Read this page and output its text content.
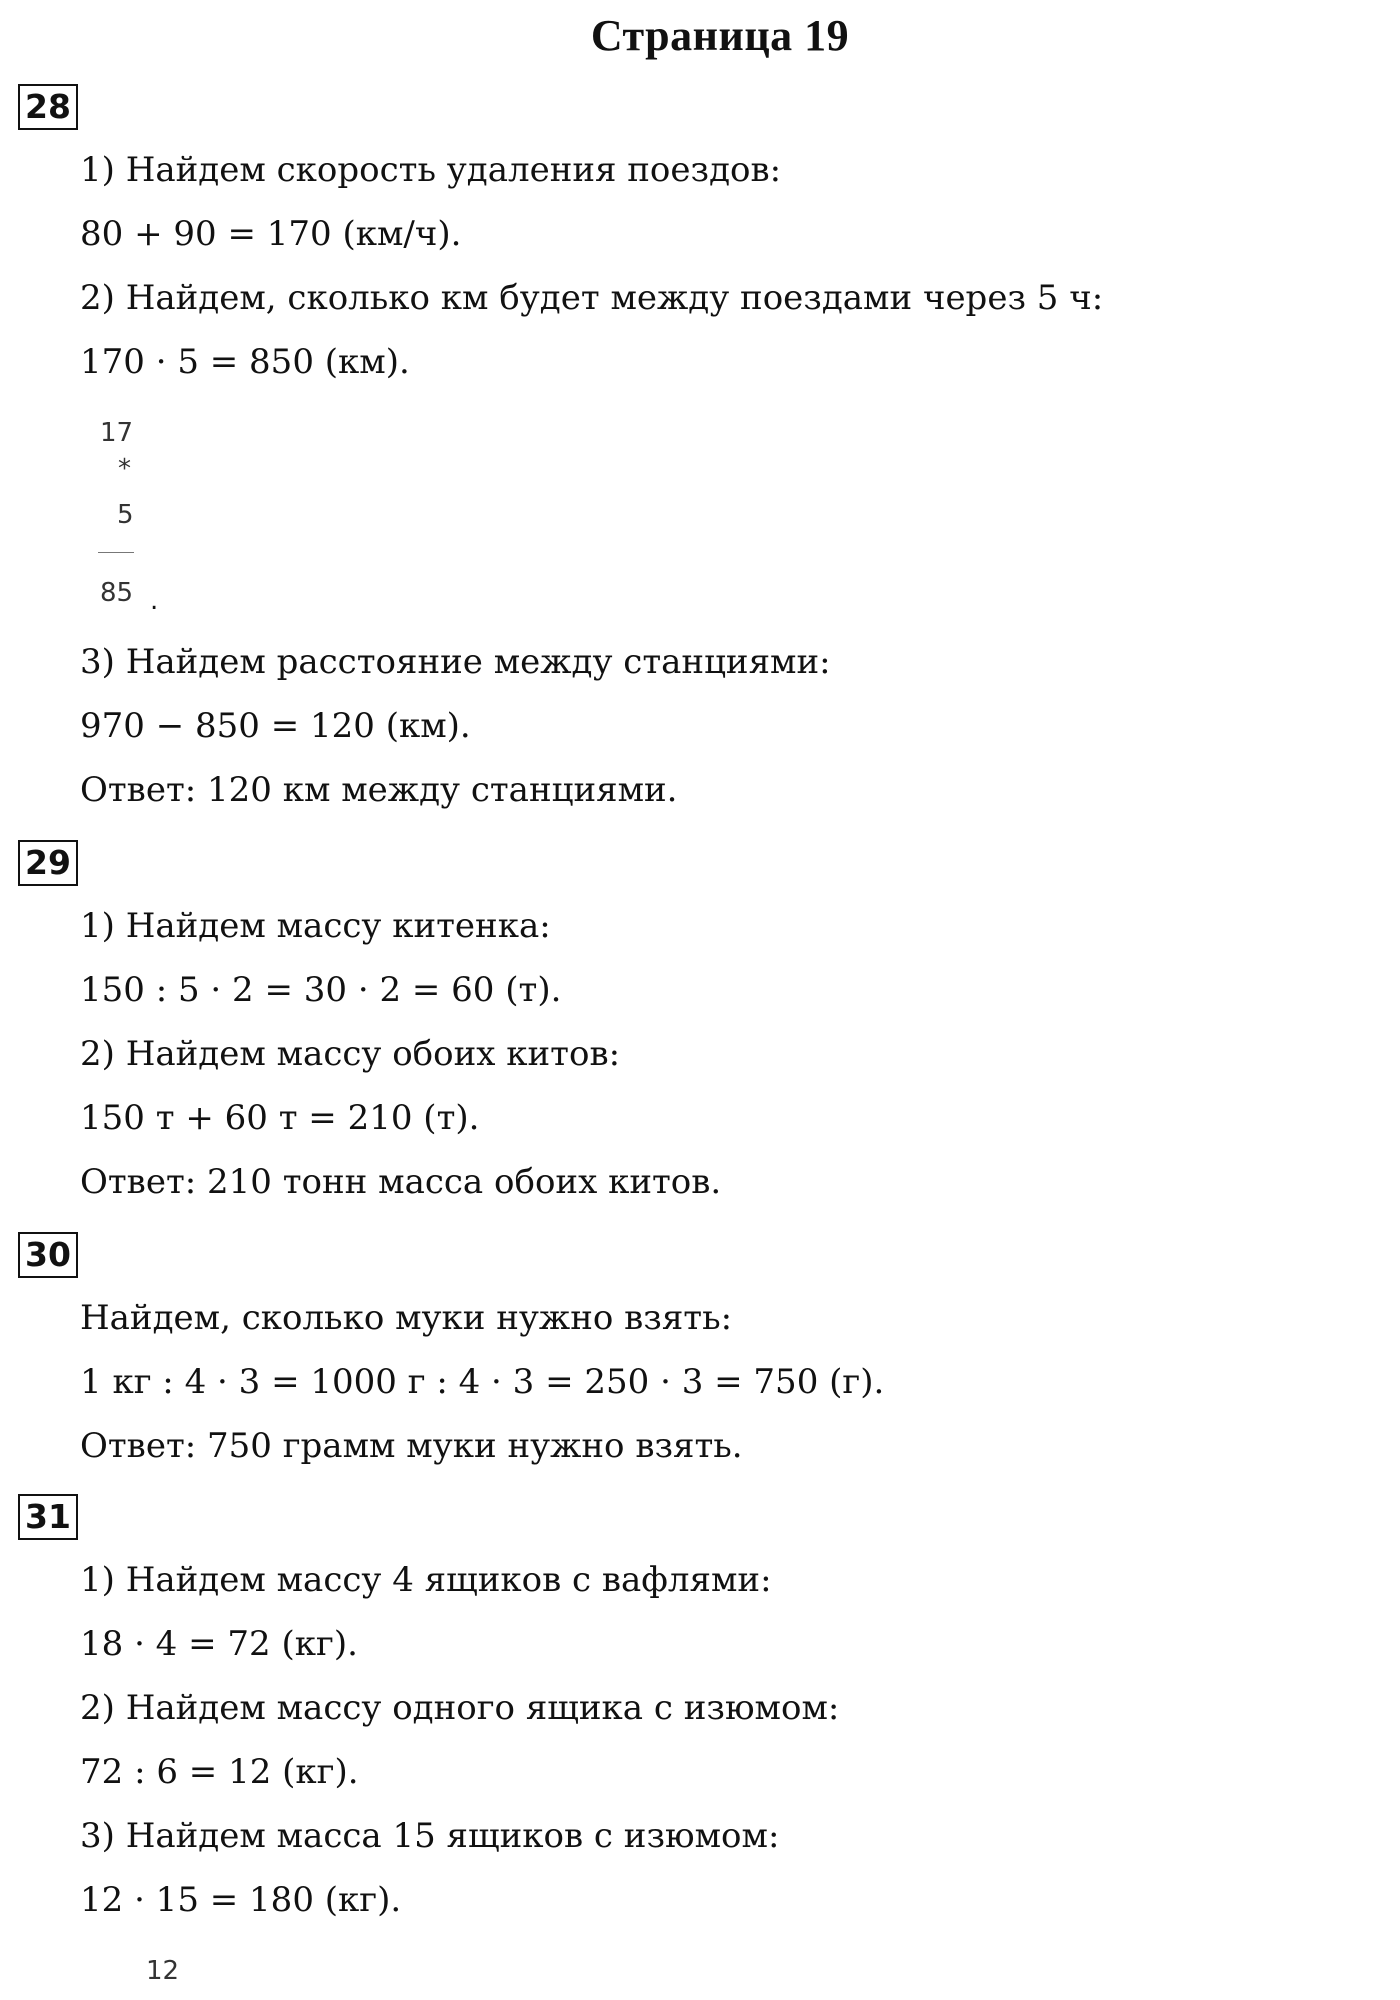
Страница 19
28
1) Найдем скорость удаления поездов:
80 + 90 = 170 (км/ч).
2) Найдем, сколько км будет между поездами через 5 ч:
170 · 5 = 850 (км).
17
*
5
85 .
3) Найдем расстояние между станциями:
970 − 850 = 120 (км).
Ответ: 120 км между станциями.
29
1) Найдем массу китенка:
150 : 5 · 2 = 30 · 2 = 60 (т).
2) Найдем массу обоих китов:
150 т + 60 т = 210 (т).
Ответ: 210 тонн масса обоих китов.
30
Найдем, сколько муки нужно взять:
1 кг : 4 · 3 = 1000 г : 4 · 3 = 250 · 3 = 750 (г).
Ответ: 750 грамм муки нужно взять.
31
1) Найдем массу 4 ящиков с вафлями:
18 · 4 = 72 (кг).
2) Найдем массу одного ящика с изюмом:
72 : 6 = 12 (кг).
3) Найдем масса 15 ящиков с изюмом:
12 · 15 = 180 (кг).
12
